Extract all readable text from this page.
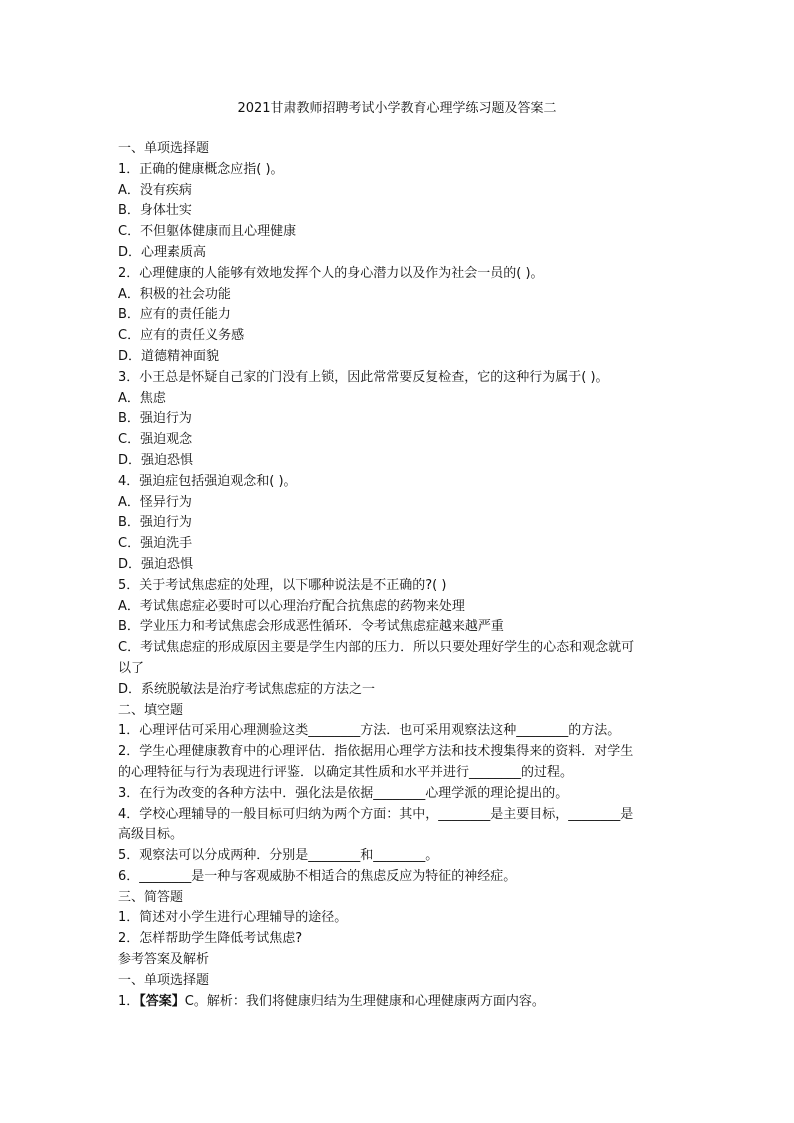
2021甘肃教师招聘考试小学教育心理学练习题及答案二
一、单项选择题
1．正确的健康概念应指( )。
A．没有疾病
B．身体壮实
C．不但躯体健康而且心理健康
D．心理素质高
2．心理健康的人能够有效地发挥个人的身心潜力以及作为社会一员的( )。
A．积极的社会功能
B．应有的责任能力
C．应有的责任义务感
D．道德精神面貌
3．小王总是怀疑自己家的门没有上锁，因此常常要反复检查，它的这种行为属于( )。
A．焦虑
B．强迫行为
C．强迫观念
D．强迫恐惧
4．强迫症包括强迫观念和( )。
A．怪异行为
B．强迫行为
C．强迫洗手
D．强迫恐惧
5．关于考试焦虑症的处理，以下哪种说法是不正确的?( )
A．考试焦虑症必要时可以心理治疗配合抗焦虑的药物来处理
B．学业压力和考试焦虑会形成恶性循环．令考试焦虑症越来越严重
C．考试焦虑症的形成原因主要是学生内部的压力．所以只要处理好学生的心态和观念就可
以了
D．系统脱敏法是治疗考试焦虑症的方法之一
二、填空题
1．心理评估可采用心理测验这类________方法．也可采用观察法这种________的方法。
2．学生心理健康教育中的心理评估．指依据用心理学方法和技术搜集得来的资料．对学生
的心理特征与行为表现进行评鉴．以确定其性质和水平并进行________的过程。
3．在行为改变的各种方法中．强化法是依据________心理学派的理论提出的。
4．学校心理辅导的一般目标可归纳为两个方面：其中，________是主要目标，________是
高级目标。
5．观察法可以分成两种．分别是________和________。
6．________是一种与客观威胁不相适合的焦虑反应为特征的神经症。
三、简答题
1．简述对小学生进行心理辅导的途径。
2．怎样帮助学生降低考试焦虑?
参考答案及解析
一、单项选择题
1．【答案】C。解析：我们将健康归结为生理健康和心理健康两方面内容。
